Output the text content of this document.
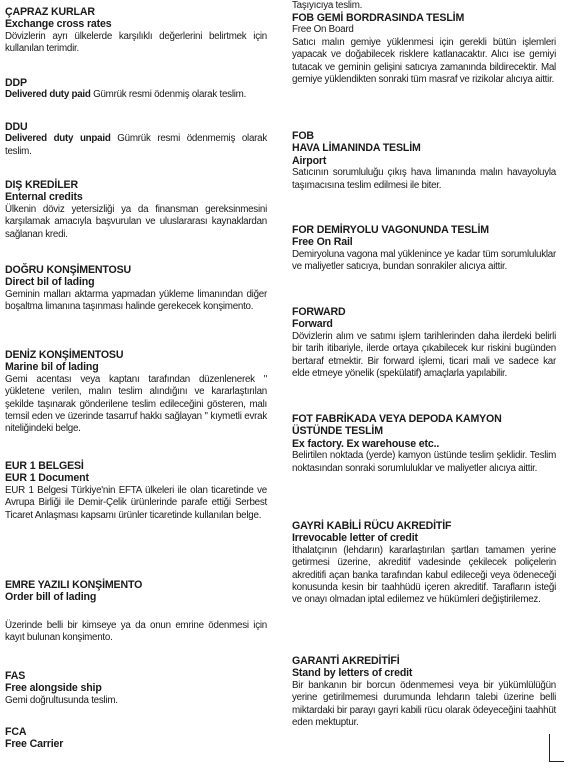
ÇAPRAZ KURLAR
Exchange cross rates
Dövizlerin ayrı ülkelerde karşılıklı değerlerini belirtmek için kullanılan terimdir.
DDP
Delivered duty paid Gümrük resmi ödenmiş olarak teslim.
DDU
Delivered duty unpaid Gümrük resmi ödenmemiş olarak teslim.
DIŞ KREDİLER
Enternal credits
Ülkenin döviz yetersizliği ya da finansman gereksinmesini karşılamak amacıyla başvurulan ve uluslararası kaynaklardan sağlanan kredi.
DOĞRU KONŞİMENTOSU
Direct bil of lading
Geminin malları aktarma yapmadan yükleme limanından diğer boşaltma limanına taşınması halinde gerekecek konşimento.
DENİZ KONŞİMENTOSU
Marine bil of lading
Gemi acentası veya kaptanı tarafından düzenlenerek " yükletene verilen, malın teslim alındığını ve kararlaştırılan şekilde taşınarak gönderilene teslim edileceğini gösteren, malı temsil eden ve üzerinde tasarruf hakkı sağlayan " kıymetli evrak niteliğindeki belge.
EUR 1 BELGESİ
EUR 1 Document
EUR 1 Belgesi Türkiye'nin EFTA ülkeleri ile olan ticaretinde ve Avrupa Birliği ile Demir-Çelik ürünlerinde parafe ettiği Serbest Ticaret Anlaşması kapsamı ürünler ticaretinde kullanılan belge.
EMRE YAZILI KONŞİMENTO
Order bill of lading
Üzerinde belli bir kimseye ya da onun emrine ödenmesi için kayıt bulunan konşimento.
FAS
Free alongside ship
Gemi doğrultusunda teslim.
FCA
Free Carrier
Taşıyıcıya teslim.
FOB GEMİ BORDRASINDA TESLİM
Free On Board
Satıcı malın gemiye yüklenmesi için gerekli bütün işlemleri yapacak ve doğabilecek risklere katlanacaktır. Alıcı ise gemiyi tutacak ve geminin gelişini satıcıya zamanında bildirecektir. Mal gemiye yüklendikten sonraki tüm masraf ve rizikolar alıcıya aittir.
FOB
HAVA LİMANINDA TESLİM
Airport
Satıcının sorumluluğu çıkış hava limanında malın havayoluyla taşımacısına teslim edilmesi ile biter.
FOR DEMİRYOLU VAGONUNDA TESLİM
Free On Rail
Demiryoluna vagona mal yüklenince ye kadar tüm sorumluluklar ve maliyetler satıcıya, bundan sonrakiler alıcıya aittir.
FORWARD
Forward
Dövizlerin alım ve satımı işlem tarihlerinden daha ilerdeki belirli bir tarih itibariyle, ilerde ortaya çıkabilecek kur riskini bugünden bertaraf etmektir. Bir forward işlemi, ticari mali ve sadece kar elde etmeye yönelik (spekülatif) amaçlarla yapılabilir.
FOT FABRİKADA VEYA DEPODA KAMYON
ÜSTÜNDE TESLİM
Ex factory. Ex warehouse etc..
Belirtilen noktada (yerde) kamyon üstünde teslim şeklidir. Teslim noktasından sonraki sorumluluklar ve maliyetler alıcıya aittir.
GAYRİ KABİLİ RÜCU AKREDİTİF
Irrevocable letter of credit
İthalatçının (lehdarın) kararlaştırılan şartları tamamen yerine getirmesi üzerine, akreditif vadesinde çekilecek poliçelerin akreditifi açan banka tarafından kabul edileceği veya ödeneceği konusunda kesin bir taahhüdü içeren akreditif. Tarafların isteği ve onayı olmadan iptal edilemez ve hükümleri değiştirilemez.
GARANTİ AKREDİTİFİ
Stand by letters of credit
Bir bankanın bir borcun ödenmemesi veya bir yükümlülüğün yerine getirilmemesi durumunda lehdarın talebi üzerine belli miktardaki bir parayı gayri kabili rücu olarak ödeyeceğini taahhüt eden mektuptur.
